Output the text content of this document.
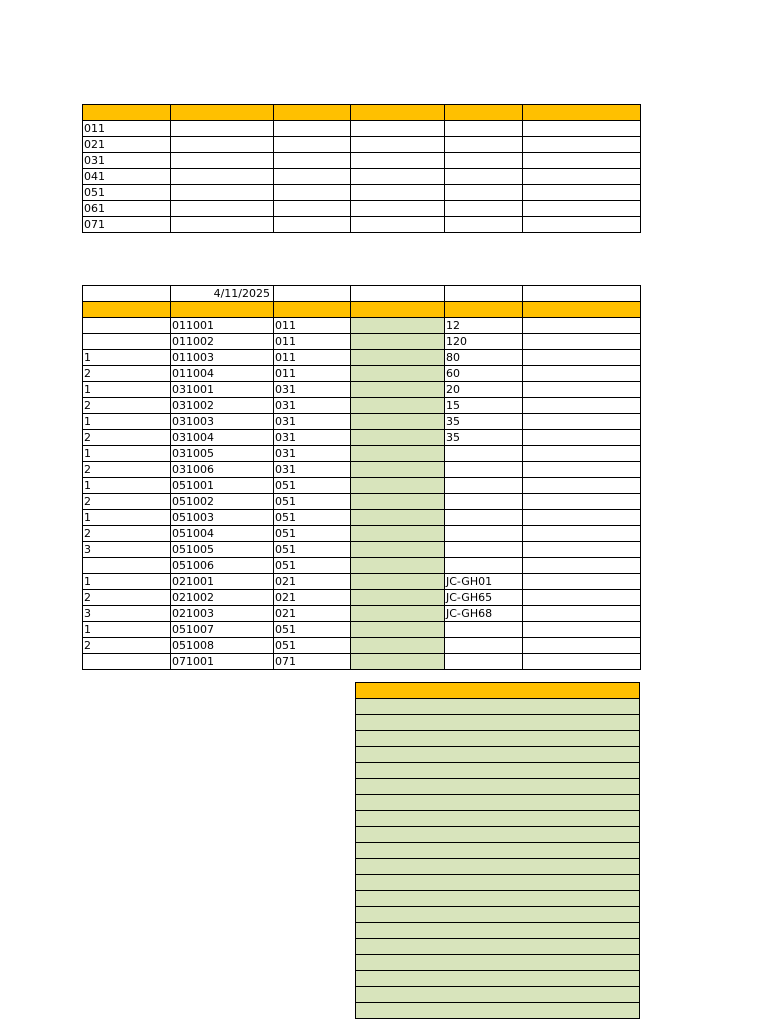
011					
021					
031					
041					
051					
061					
071					
	4/11/2025				

	011001	011		12	
	011002	011		120	
1	011003	011		80	
2	011004	011		60	
1	031001	031		20	
2	031002	031		15	
1	031003	031		35	
2	031004	031		35	
1	031005	031			
2	031006	031			
1	051001	051			
2	051002	051			
1	051003	051			
2	051004	051			
3	051005	051			
	051006	051			
1	021001	021		JC-GH01	
2	021002	021		JC-GH65	
3	021003	021		JC-GH68	
1	051007	051			
2	051008	051			
	071001	071			
